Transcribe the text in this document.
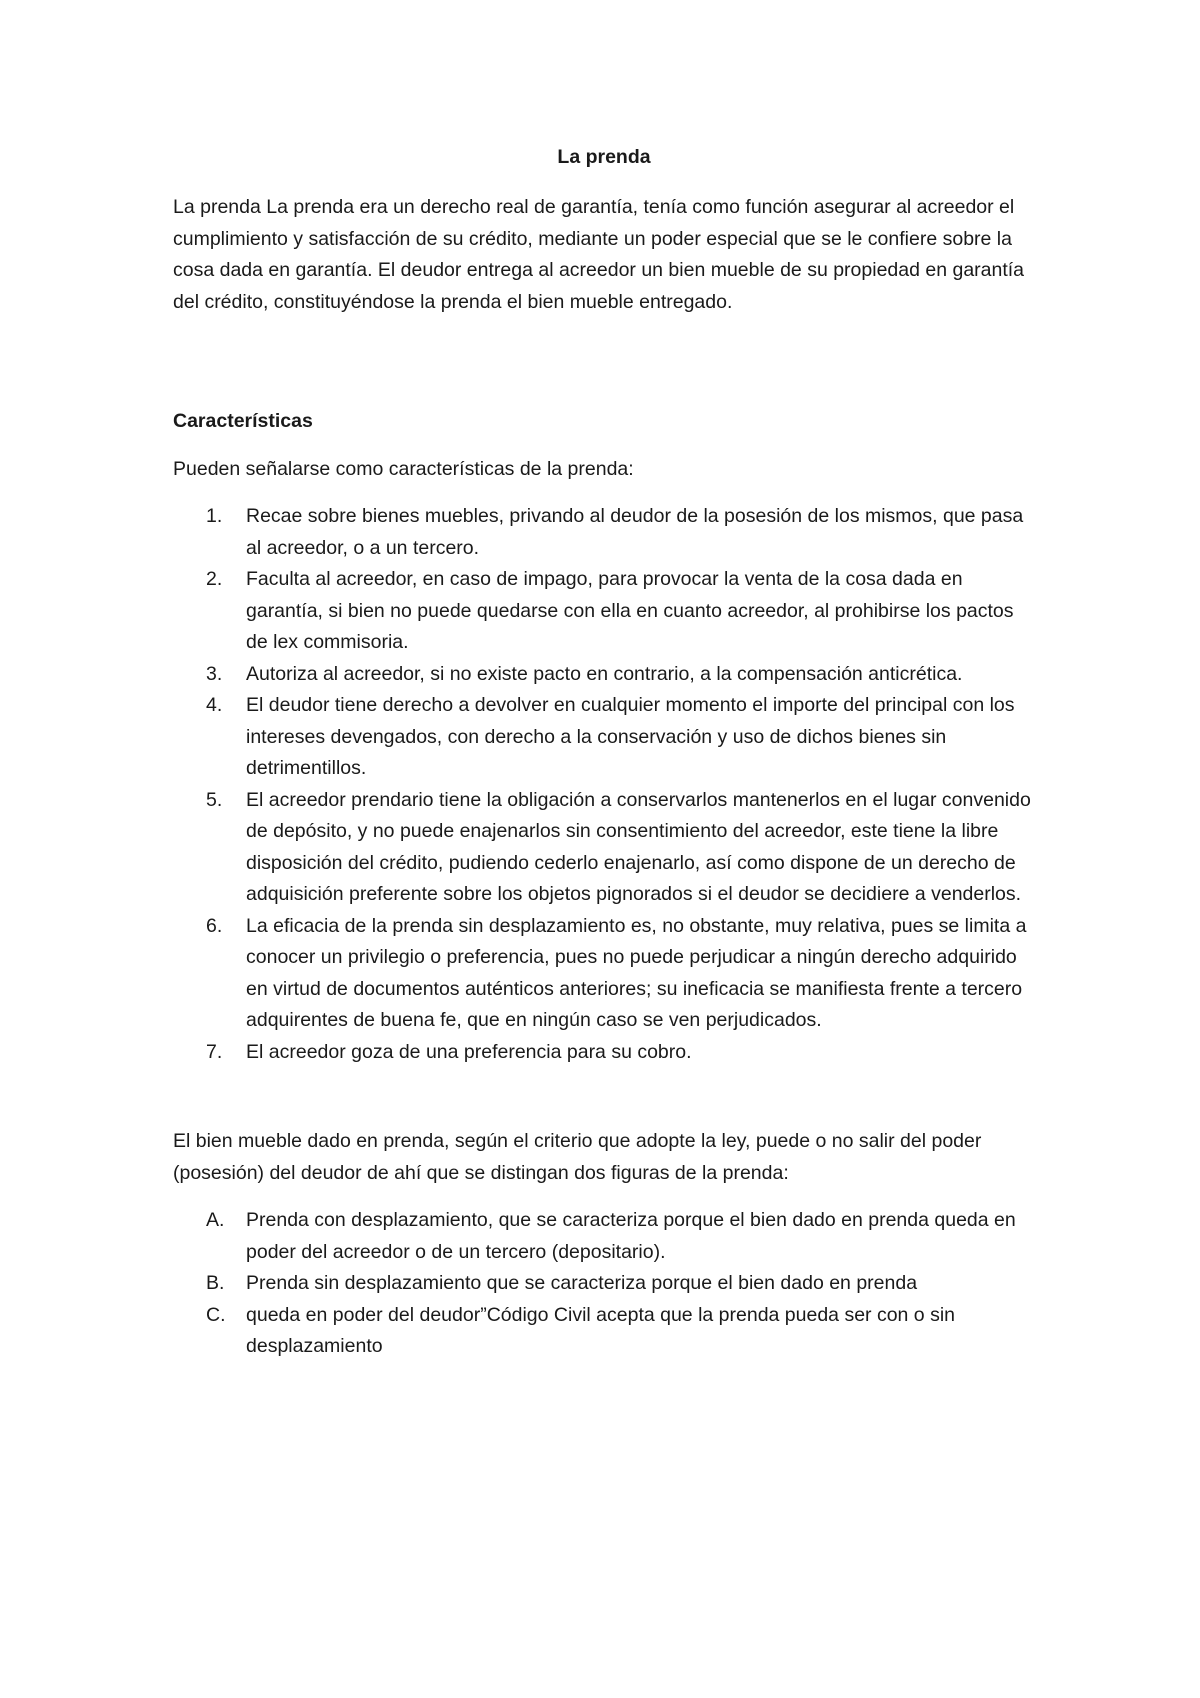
La prenda

La prenda La prenda era un derecho real de garantía, tenía como función asegurar al acreedor el cumplimiento y satisfacción de su crédito, mediante un poder especial que se le confiere sobre la cosa dada en garantía. El deudor entrega al acreedor un bien mueble de su propiedad en garantía del crédito, constituyéndose la prenda el bien mueble entregado.

Características

Pueden señalarse como características de la prenda:

1.	Recae sobre bienes muebles, privando al deudor de la posesión de los mismos, que pasa al acreedor, o a un tercero.
2.	Faculta al acreedor, en caso de impago, para provocar la venta de la cosa dada en garantía, si bien no puede quedarse con ella en cuanto acreedor, al prohibirse los pactos de lex commisoria.
3.	Autoriza al acreedor, si no existe pacto en contrario, a la compensación anticrética.
4.	El deudor tiene derecho a devolver en cualquier momento el importe del principal con los intereses devengados, con derecho a la conservación y uso de dichos bienes sin detrimentillos.
5.	El acreedor prendario tiene la obligación a conservarlos mantenerlos en el lugar convenido de depósito, y no puede enajenarlos sin consentimiento del acreedor, este tiene la libre disposición del crédito, pudiendo cederlo enajenarlo, así como dispone de un derecho de adquisición preferente sobre los objetos pignorados si el deudor se decidiere a venderlos.
6.	La eficacia de la prenda sin desplazamiento es, no obstante, muy relativa, pues se limita a conocer un privilegio o preferencia, pues no puede perjudicar a ningún derecho adquirido en virtud de documentos auténticos anteriores; su ineficacia se manifiesta frente a tercero adquirentes de buena fe, que en ningún caso se ven perjudicados.
7.	El acreedor goza de una preferencia para su cobro.

El bien mueble dado en prenda, según el criterio que adopte la ley, puede o no salir del poder (posesión) del deudor de ahí que se distingan dos figuras de la prenda:

A.	Prenda con desplazamiento, que se caracteriza porque el bien dado en prenda queda en poder del acreedor o de un tercero (depositario).
B.	Prenda sin desplazamiento que se caracteriza porque el bien dado en prenda
C.	queda en poder del deudor”Código Civil acepta que la prenda pueda ser con o sin desplazamiento
